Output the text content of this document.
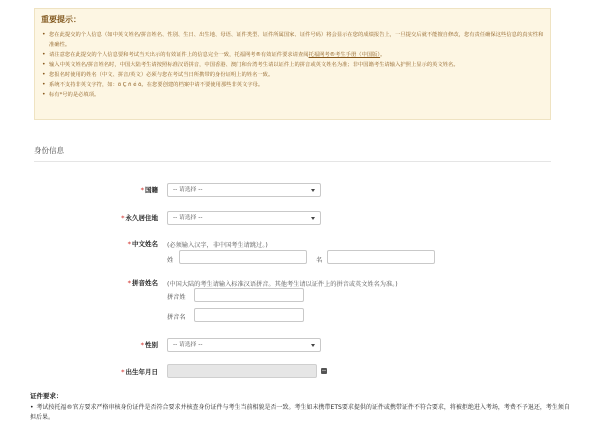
重要提示：
• 您在此提交的个人信息（如中英文姓名/拼音姓名、性别、生日、出生地、母语、证件类型、证件所属国家、证件号码）将会显示在您的成绩报告上，一旦提交后就不能擅自修改，您有责任确保这些信息的真实性和准确性。
• 请注意您在此提交的个人信息要和考试当天出示的有效证件上的信息完全一致，托福网考®有效证件要求请查阅托福网考®考生手册（中国版）。
• 输入中英文姓名/拼音姓名时，中国大陆考生请按照标准汉语拼音，中国香港、澳门和台湾考生请以证件上的拼音或英文姓名为准；非中国籍考生请输入护照上显示的英文姓名。
• 您报名时使用的姓名（中文、拼音/英文）必须与您在考试当日所携带的身份证明上的姓名一致。
• 系统不支持非英文字符，如：ö Ç ñ é õ。在您要创建的档案中请不要使用那些非英文字母。
• 标有*号的是必填项。
身份信息
*国籍	-- 请选择 --
*永久居住地	-- 请选择 --
*中文姓名 (必须输入汉字，非中国考生请跳过。)
姓	名
*拼音姓名 (中国大陆的考生请输入标准汉语拼音。其他考生请以证件上的拼音或英文姓名为准。)
拼音姓
拼音名
*性别	-- 请选择 --
*出生年月日
证件要求：
• 考试按托福®官方要求严格审核身份证件是否符合要求并核查身份证件与考生当前相貌是否一致。考生如未携带ETS要求提供的证件或携带证件不符合要求，将被拒绝进入考场，考费不予退还，考生须自担后果。
